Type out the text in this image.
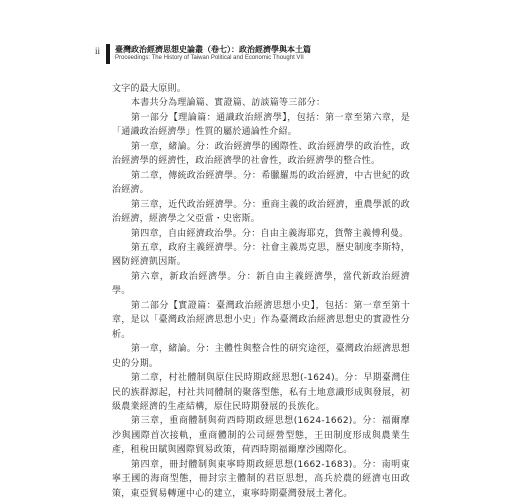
ii 臺灣政治經濟思想史論叢（卷七）：政治經濟學與本土篇
Proceedings: The History of Taiwan Political and Economic Thought VII

文字的最大原則。

本書共分為理論篇、實證篇、訪談篇等三部分：

第一部分【理論篇：通識政治經濟學】，包括：第一章至第六章，是「通識政治經濟學」性質的屬於通論性介紹。

第一章，緒論。分：政治經濟學的國際性、政治經濟學的政治性，政治經濟學的經濟性，政治經濟學的社會性，政治經濟學的整合性。

第二章，傳統政治經濟學。分：希臘羅馬的政治經濟，中古世紀的政治經濟。

第三章，近代政治經濟學。分：重商主義的政治經濟，重農學派的政治經濟，經濟學之父亞當・史密斯。

第四章，自由經濟政治學。分：自由主義海耶克，貨幣主義傅利曼。

第五章，政府主義經濟學。分：社會主義馬克思，歷史制度李斯特，國防經濟凱因斯。

第六章，新政治經濟學。分：新自由主義經濟學，當代新政治經濟學。

第二部分【實證篇：臺灣政治經濟思想小史】，包括：第一章至第十章，是以「臺灣政治經濟思想小史」作為臺灣政治經濟思想史的實證性分析。

第一章，緒論。分：主體性與整合性的研究途徑，臺灣政治經濟思想史的分期。

第二章，村社體制與原住民時期政經思想(-1624)。分：早期臺灣住民的族群源起，村社共同體制的聚落型態，私有土地意識形成與發展，初級農業經濟的生產結構，原住民時期發展的長族化。

第三章，重商體制與荷西時期政經思想(1624-1662)。分：福爾摩沙與國際首次接軌，重商體制的公司經營型態，王田制度形成與農業生產，租稅田賦與國際貿易政策，荷西時期福爾摩沙國際化。

第四章，冊封體制與東寧時期政經思想(1662-1683)。分：南明東寧王國的海商型態，冊封宗主體制的君臣思想，高兵於農的經濟屯田政策，東亞貿易轉運中心的建立，東寧時期臺灣發展土著化。
